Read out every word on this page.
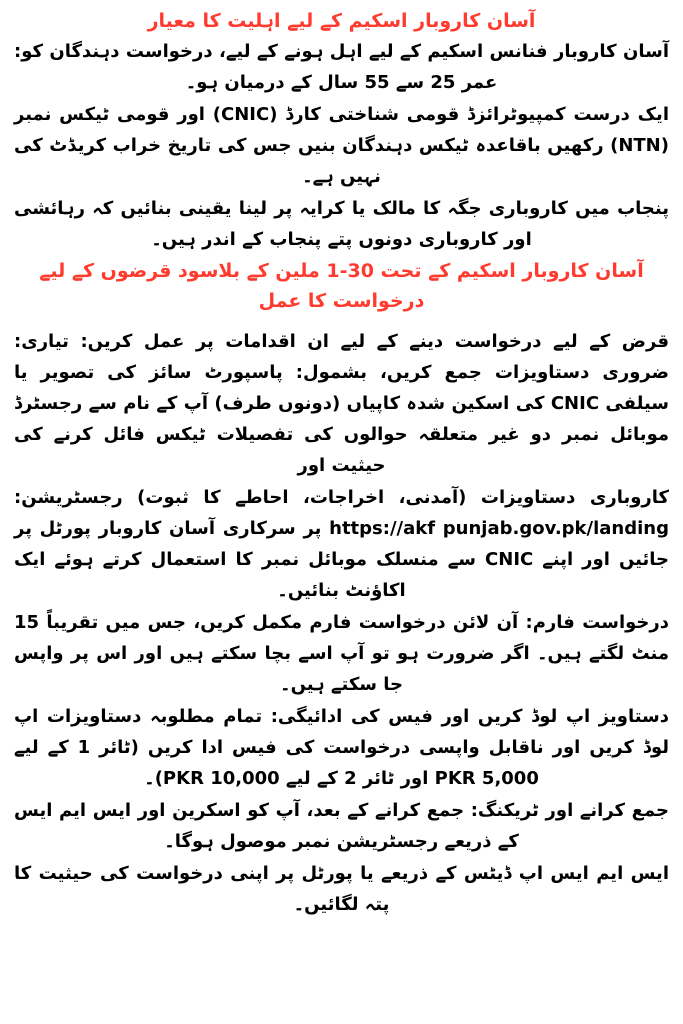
آسان کاروبار اسکیم کے لیے اہلیت کا معیار

آسان کاروبار فنانس اسکیم کے لیے اہل ہونے کے لیے، درخواست دہندگان کو: عمر 25 سے 55 سال کے درمیان ہو۔

ایک درست کمپیوٹرائزڈ قومی شناختی کارڈ (CNIC) اور قومی ٹیکس نمبر (NTN) رکھیں باقاعدہ ٹیکس دہندگان بنیں جس کی تاریخ خراب کریڈٹ کی نہیں ہے۔

پنجاب میں کاروباری جگہ کا مالک یا کرایہ پر لینا یقینی بنائیں کہ رہائشی اور کاروباری دونوں پتے پنجاب کے اندر ہیں۔

آسان کاروبار اسکیم کے تحت 30-1 ملین کے بلاسود قرضوں کے لیے درخواست کا عمل

قرض کے لیے درخواست دینے کے لیے ان اقدامات پر عمل کریں: تیاری: ضروری دستاویزات جمع کریں، بشمول: پاسپورٹ سائز کی تصویر یا سیلفی CNIC کی اسکین شدہ کاپیاں (دونوں طرف) آپ کے نام سے رجسٹرڈ موبائل نمبر دو غیر متعلقہ حوالوں کی تفصیلات ٹیکس فائل کرنے کی حیثیت اور

کاروباری دستاویزات (آمدنی، اخراجات، احاطے کا ثبوت) رجسٹریشن: https://akf punjab.gov.pk/landing پر سرکاری آسان کاروبار پورٹل پر جائیں اور اپنے CNIC سے منسلک موبائل نمبر کا استعمال کرتے ہوئے ایک اکاؤنٹ بنائیں۔

درخواست فارم: آن لائن درخواست فارم مکمل کریں، جس میں تقریباً 15 منٹ لگتے ہیں۔ اگر ضرورت ہو تو آپ اسے بچا سکتے ہیں اور اس پر واپس جا سکتے ہیں۔

دستاویز اپ لوڈ کریں اور فیس کی ادائیگی: تمام مطلوبہ دستاویزات اپ لوڈ کریں اور ناقابل واپسی درخواست کی فیس ادا کریں (ٹائر 1 کے لیے PKR 5,000 اور ٹائر 2 کے لیے PKR 10,000)۔

جمع کرانے اور ٹریکنگ: جمع کرانے کے بعد، آپ کو اسکرین اور ایس ایم ایس کے ذریعے رجسٹریشن نمبر موصول ہوگا۔

ایس ایم ایس اپ ڈیٹس کے ذریعے یا پورٹل پر اپنی درخواست کی حیثیت کا پتہ لگائیں۔
